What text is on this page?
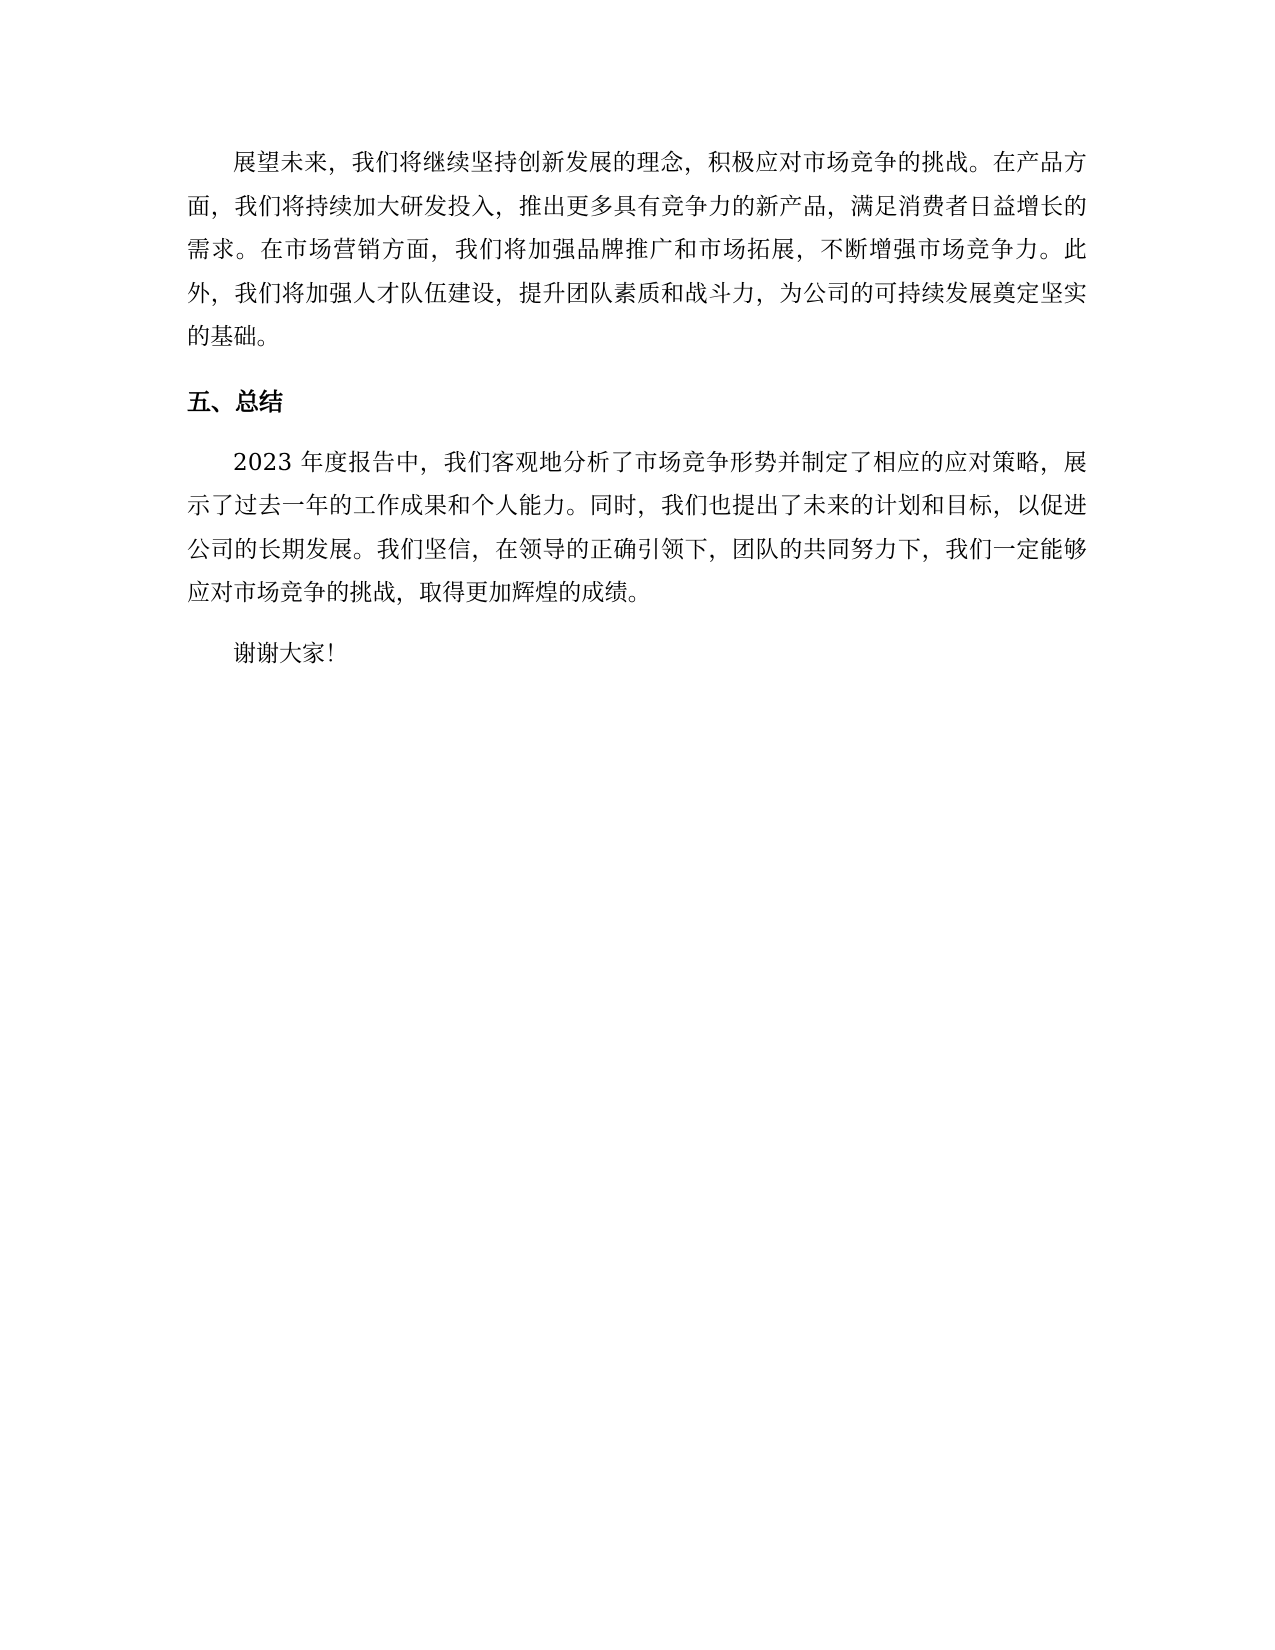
展望未来，我们将继续坚持创新发展的理念，积极应对市场竞争的挑战。在产品方面，我们将持续加大研发投入，推出更多具有竞争力的新产品，满足消费者日益增长的需求。在市场营销方面，我们将加强品牌推广和市场拓展，不断增强市场竞争力。此外，我们将加强人才队伍建设，提升团队素质和战斗力，为公司的可持续发展奠定坚实的基础。

五、总结

2023 年度报告中，我们客观地分析了市场竞争形势并制定了相应的应对策略，展示了过去一年的工作成果和个人能力。同时，我们也提出了未来的计划和目标，以促进公司的长期发展。我们坚信，在领导的正确引领下，团队的共同努力下，我们一定能够应对市场竞争的挑战，取得更加辉煌的成绩。

谢谢大家！
